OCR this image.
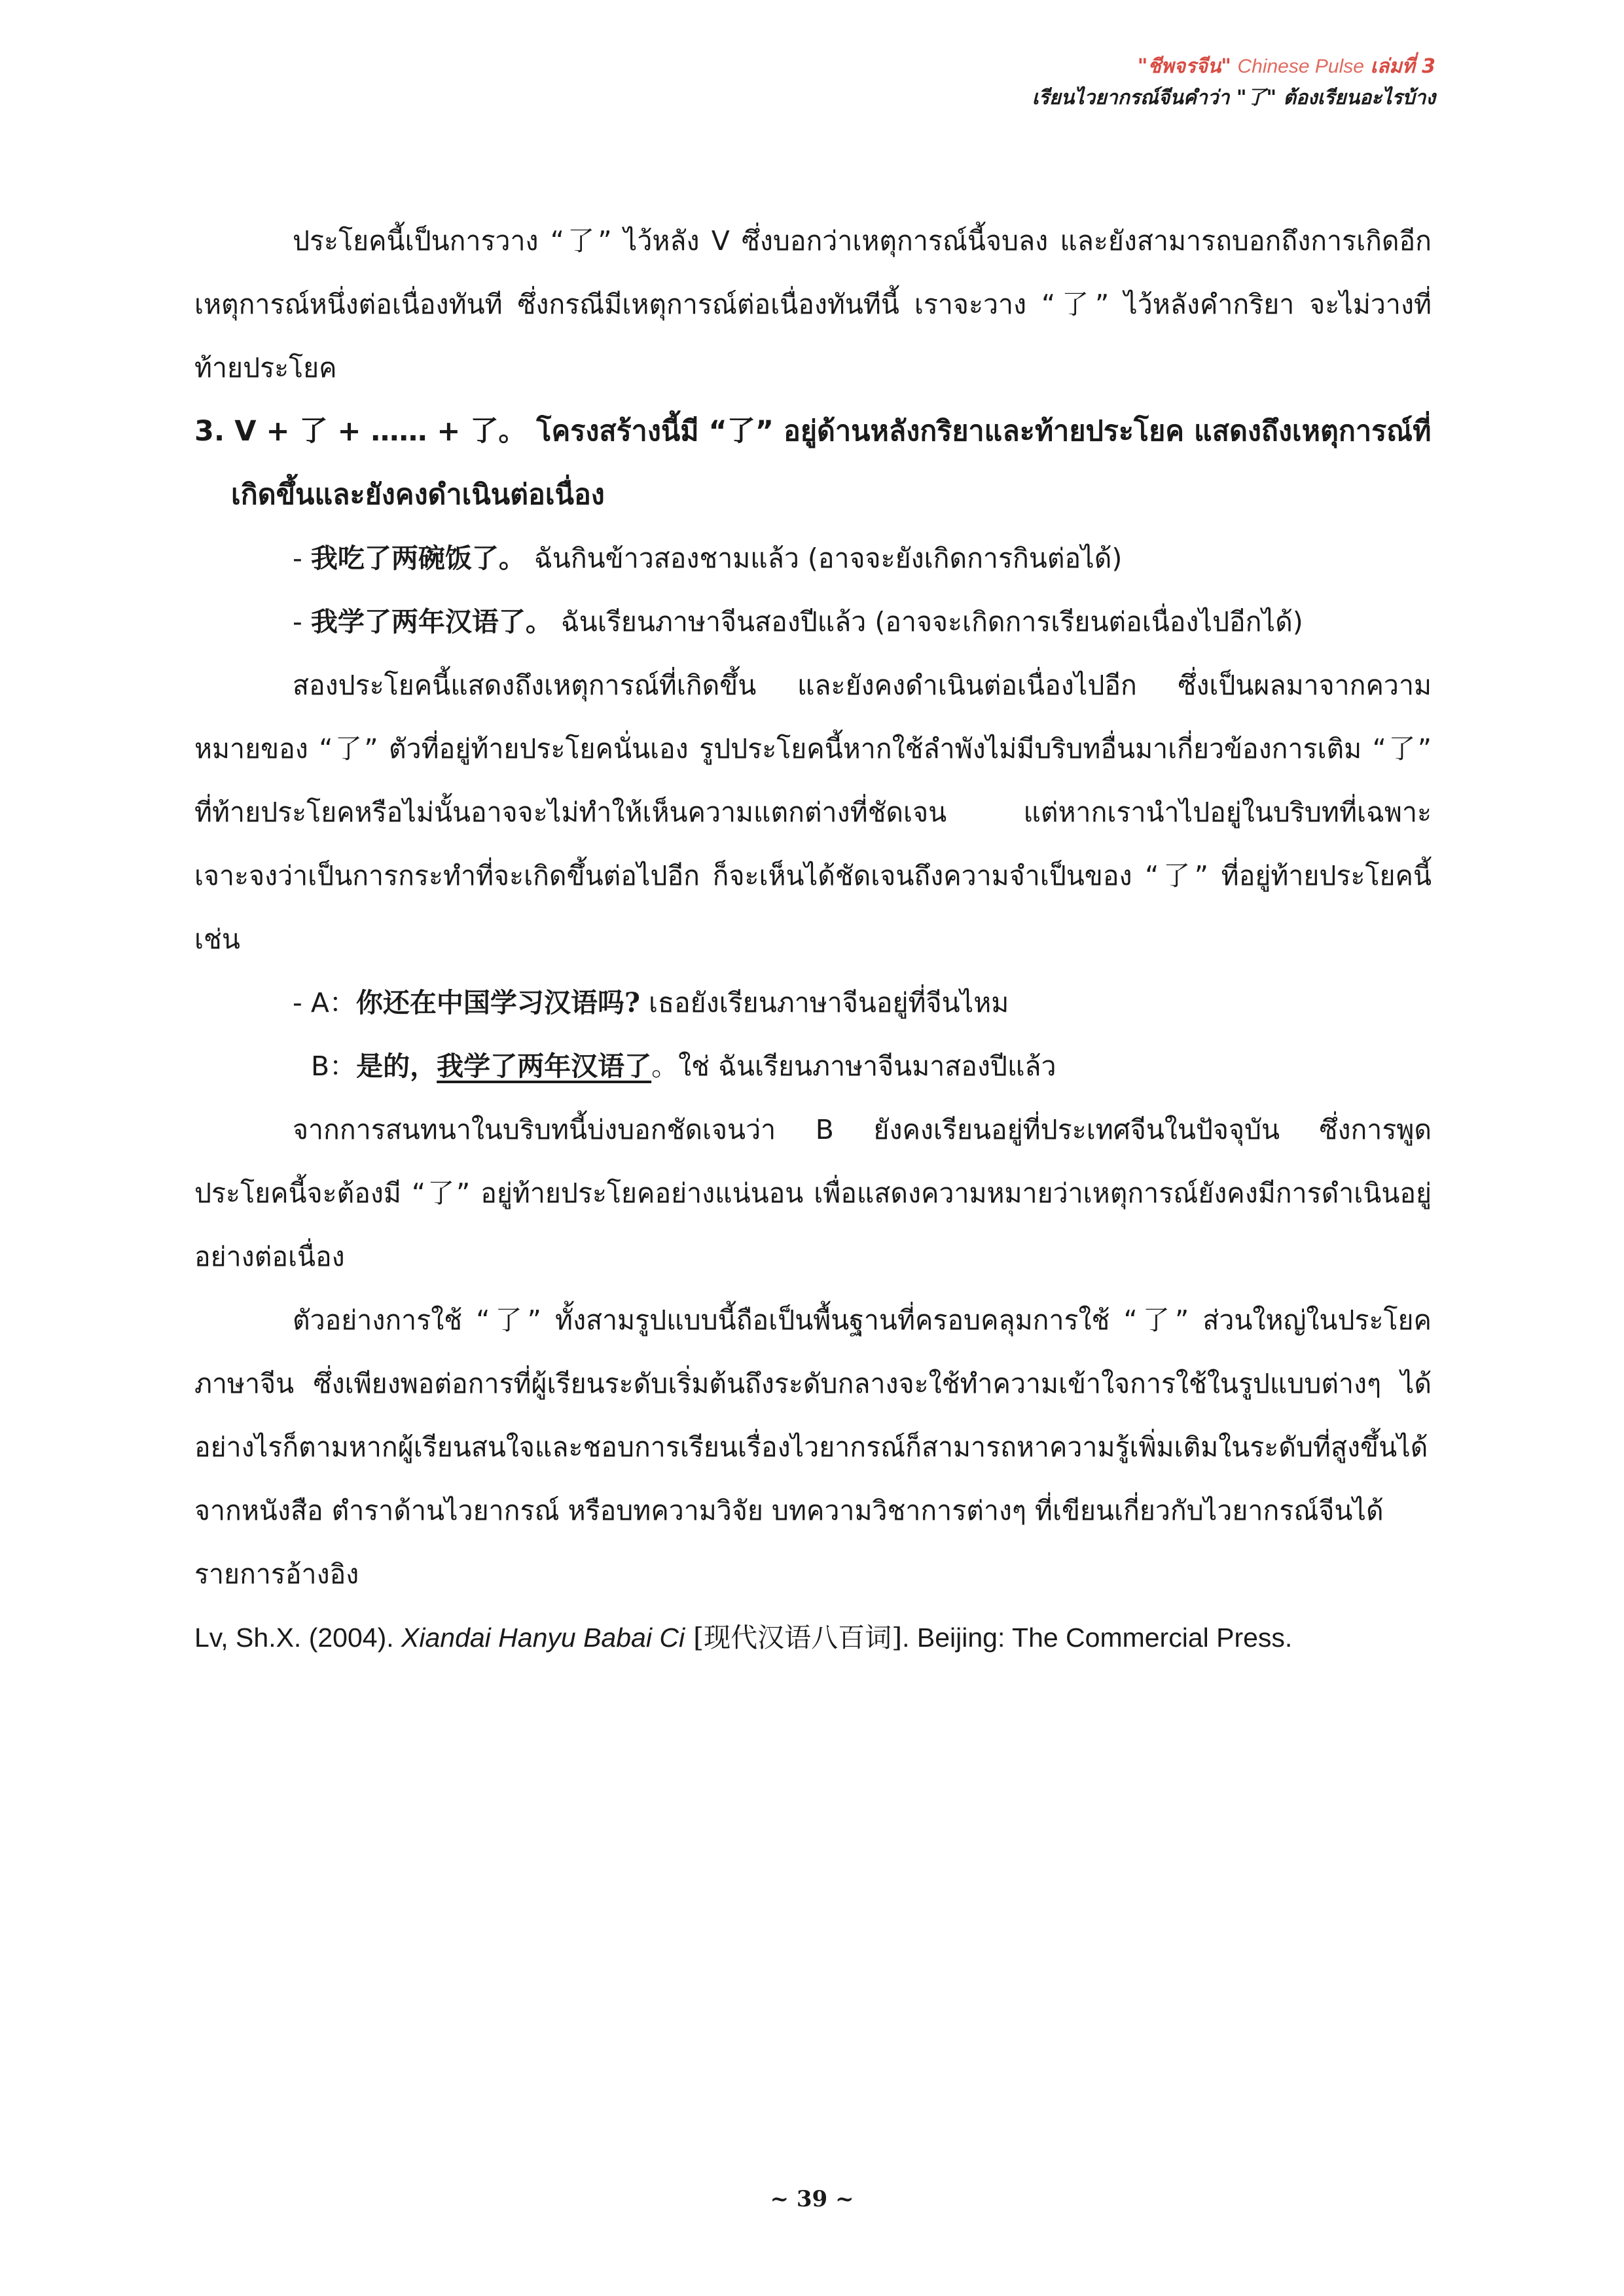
"ชีพจรจีน" Chinese Pulse เล่มที่ 3
เรียนไวยากรณ์จีนคำว่า "了" ต้องเรียนอะไรบ้าง

ประโยคนี้เป็นการวาง “了” ไว้หลัง V ซึ่งบอกว่าเหตุการณ์นี้จบลง และยังสามารถบอกถึงการเกิดอีกเหตุการณ์หนึ่งต่อเนื่องทันที ซึ่งกรณีมีเหตุการณ์ต่อเนื่องทันทีนี้ เราจะวาง “了” ไว้หลังคำกริยา จะไม่วางที่ท้ายประโยค

3. V + 了 + …… + 了。 โครงสร้างนี้มี “了” อยู่ด้านหลังกริยาและท้ายประโยค แสดงถึงเหตุการณ์ที่เกิดขึ้นและยังคงดำเนินต่อเนื่อง

- 我吃了两碗饭了。 ฉันกินข้าวสองชามแล้ว (อาจจะยังเกิดการกินต่อได้)

- 我学了两年汉语了。 ฉันเรียนภาษาจีนสองปีแล้ว (อาจจะเกิดการเรียนต่อเนื่องไปอีกได้)

สองประโยคนี้แสดงถึงเหตุการณ์ที่เกิดขึ้น และยังคงดำเนินต่อเนื่องไปอีก ซึ่งเป็นผลมาจากความหมายของ “了” ตัวที่อยู่ท้ายประโยคนั่นเอง รูปประโยคนี้หากใช้ลำพังไม่มีบริบทอื่นมาเกี่ยวข้องการเติม “了” ที่ท้ายประโยคหรือไม่นั้นอาจจะไม่ทำให้เห็นความแตกต่างที่ชัดเจน แต่หากเรานำไปอยู่ในบริบทที่เฉพาะเจาะจงว่าเป็นการกระทำที่จะเกิดขึ้นต่อไปอีก ก็จะเห็นได้ชัดเจนถึงความจำเป็นของ “了” ที่อยู่ท้ายประโยคนี้ เช่น

- A：你还在中国学习汉语吗? เธอยังเรียนภาษาจีนอยู่ที่จีนไหม

B：是的，我学了两年汉语了。ใช่ ฉันเรียนภาษาจีนมาสองปีแล้ว

จากการสนทนาในบริบทนี้บ่งบอกชัดเจนว่า B ยังคงเรียนอยู่ที่ประเทศจีนในปัจจุบัน ซึ่งการพูดประโยคนี้จะต้องมี “了” อยู่ท้ายประโยคอย่างแน่นอน เพื่อแสดงความหมายว่าเหตุการณ์ยังคงมีการดำเนินอยู่อย่างต่อเนื่อง

ตัวอย่างการใช้ “了” ทั้งสามรูปแบบนี้ถือเป็นพื้นฐานที่ครอบคลุมการใช้ “了” ส่วนใหญ่ในประโยคภาษาจีน ซึ่งเพียงพอต่อการที่ผู้เรียนระดับเริ่มต้นถึงระดับกลางจะใช้ทำความเข้าใจการใช้ในรูปแบบต่างๆ ได้ อย่างไรก็ตามหากผู้เรียนสนใจและชอบการเรียนเรื่องไวยากรณ์ก็สามารถหาความรู้เพิ่มเติมในระดับที่สูงขึ้นได้จากหนังสือ ตำราด้านไวยากรณ์ หรือบทความวิจัย บทความวิชาการต่างๆ ที่เขียนเกี่ยวกับไวยากรณ์จีนได้

รายการอ้างอิง

Lv, Sh.X. (2004). Xiandai Hanyu Babai Ci [现代汉语八百词]. Beijing: The Commercial Press.

~ 39 ~
